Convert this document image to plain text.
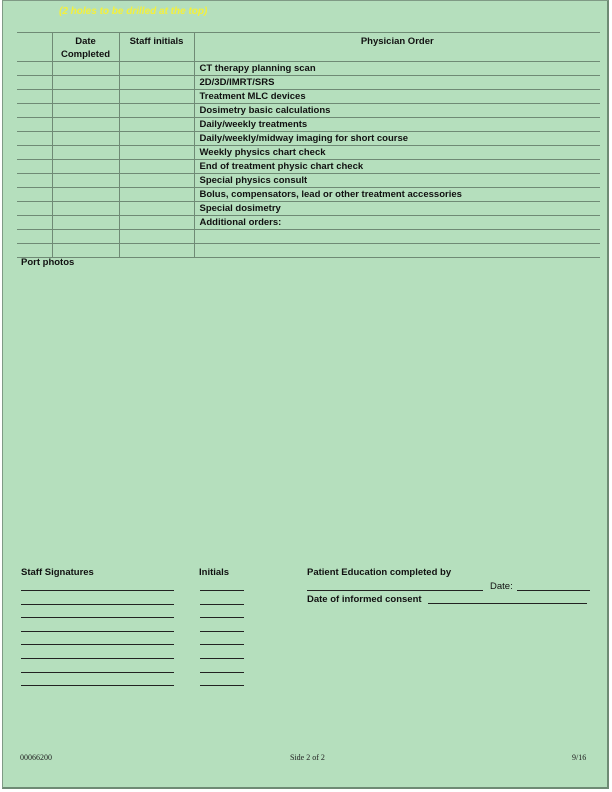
(2 holes to be drilled at the top)
	Date Completed	Staff initials	Physician Order
			CT therapy planning scan
			2D/3D/IMRT/SRS
			Treatment MLC devices
			Dosimetry basic calculations
			Daily/weekly treatments
			Daily/weekly/midway imaging for short course
			Weekly physics chart check
			End of treatment physic chart check
			Special physics consult
			Bolus, compensators, lead or other treatment accessories
			Special dosimetry
			Additional orders:

Port photos
Staff Signatures	Initials	Patient Education completed by
Date:
Date of informed consent
00066200	Side 2 of 2	9/16
